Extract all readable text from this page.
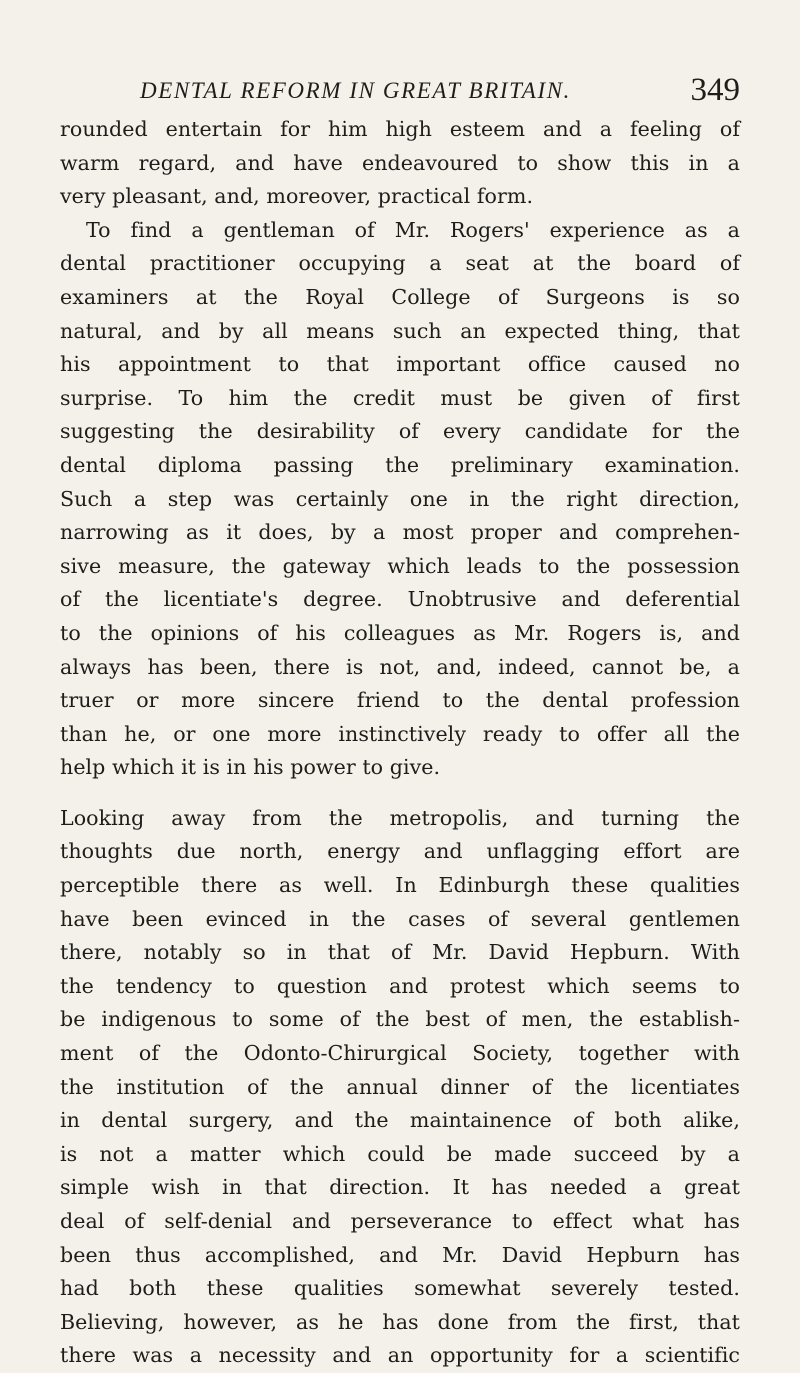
DENTAL REFORM IN GREAT BRITAIN.	349

rounded entertain for him high esteem and a feeling of
warm regard, and have endeavoured to show this in a
very pleasant, and, moreover, practical form.

To find a gentleman of Mr. Rogers' experience as a
dental practitioner occupying a seat at the board of
examiners at the Royal College of Surgeons is so
natural, and by all means such an expected thing, that
his appointment to that important office caused no
surprise. To him the credit must be given of first
suggesting the desirability of every candidate for the
dental diploma passing the preliminary examination.
Such a step was certainly one in the right direction,
narrowing as it does, by a most proper and comprehen-
sive measure, the gateway which leads to the possession
of the licentiate's degree. Unobtrusive and deferential
to the opinions of his colleagues as Mr. Rogers is, and
always has been, there is not, and, indeed, cannot be, a
truer or more sincere friend to the dental profession
than he, or one more instinctively ready to offer all the
help which it is in his power to give.

Looking away from the metropolis, and turning the
thoughts due north, energy and unflagging effort are
perceptible there as well. In Edinburgh these qualities
have been evinced in the cases of several gentlemen
there, notably so in that of Mr. David Hepburn. With
the tendency to question and protest which seems to
be indigenous to some of the best of men, the establish-
ment of the Odonto-Chirurgical Society, together with
the institution of the annual dinner of the licentiates
in dental surgery, and the maintainence of both alike,
is not a matter which could be made succeed by a
simple wish in that direction. It has needed a great
deal of self-denial and perseverance to effect what has
been thus accomplished, and Mr. David Hepburn has
had both these qualities somewhat severely tested.
Believing, however, as he has done from the first, that
there was a necessity and an opportunity for a scientific
